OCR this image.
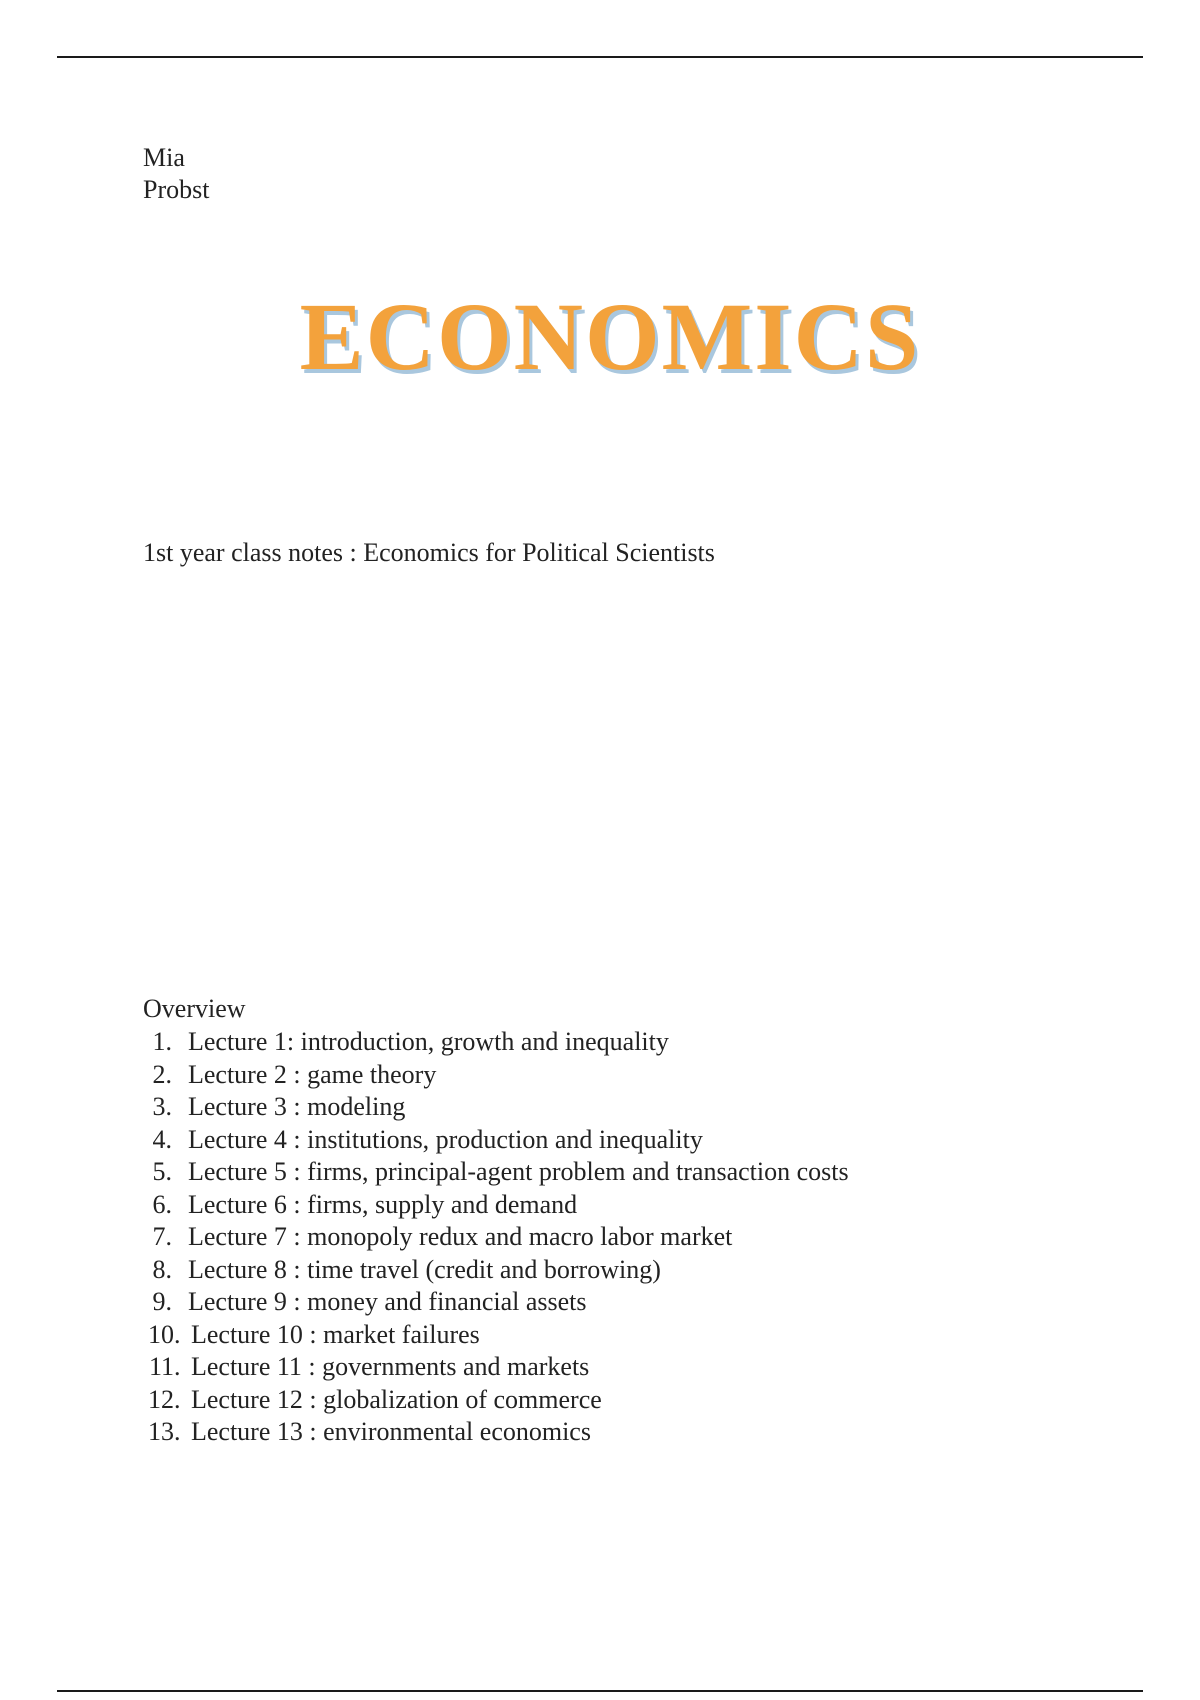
Mia
Probst
ECONOMICS
1st year class notes : Economics for Political Scientists
Overview
1. Lecture 1: introduction, growth and inequality
2. Lecture 2 : game theory
3. Lecture 3 : modeling
4. Lecture 4 : institutions, production and inequality
5. Lecture 5 : firms, principal-agent problem and transaction costs
6. Lecture 6 : firms, supply and demand
7. Lecture 7 : monopoly redux and macro labor market
8. Lecture 8 : time travel (credit and borrowing)
9. Lecture 9 : money and financial assets
10. Lecture 10 : market failures
11. Lecture 11 : governments and markets
12. Lecture 12 : globalization of commerce
13. Lecture 13 : environmental economics
